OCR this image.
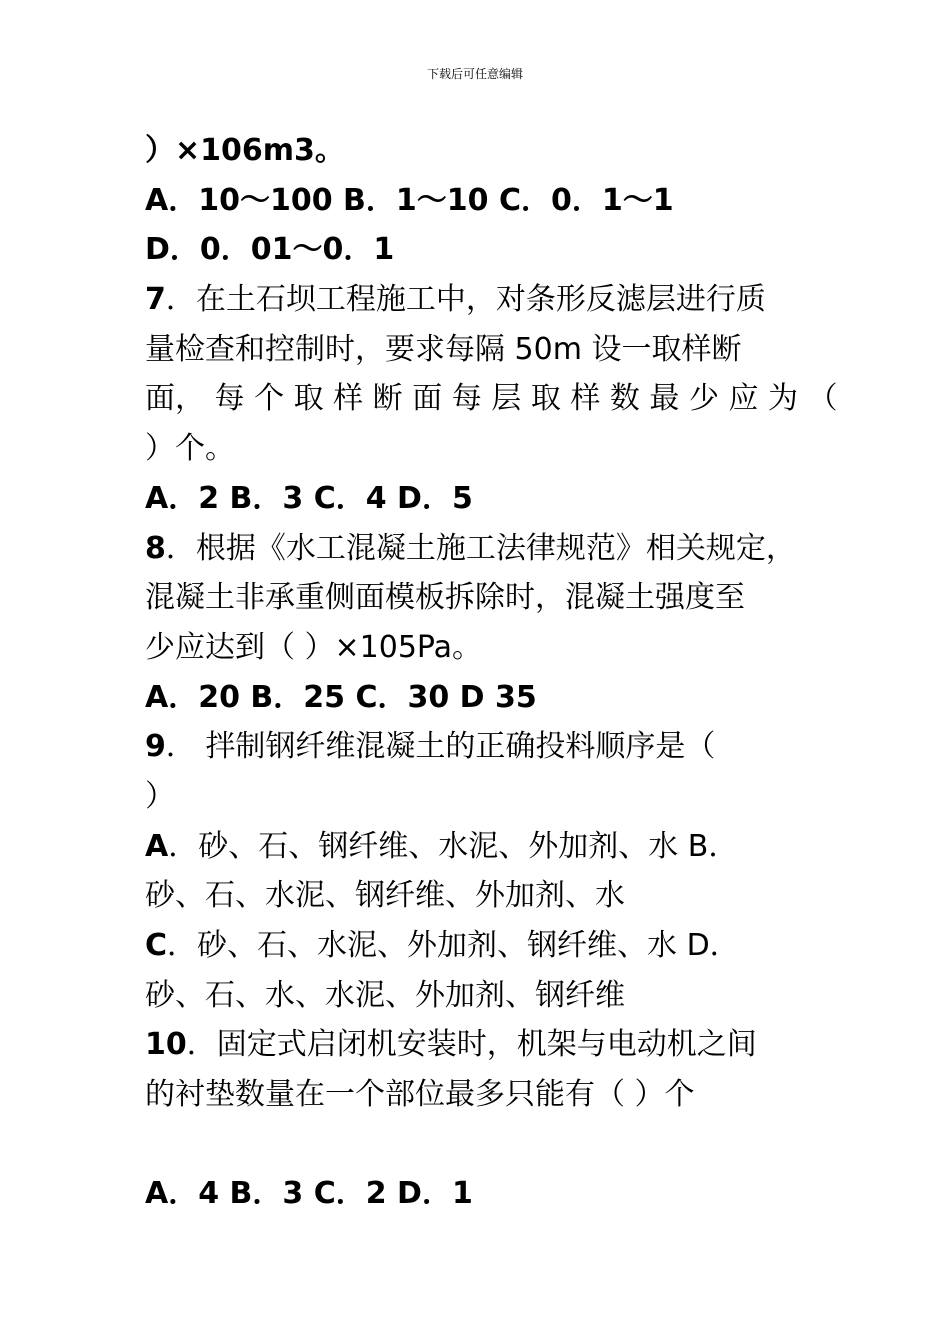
下载后可任意编辑
）×106m3。
A．10～100 B．1～10 C．0．1～1
D．0．01～0．1
7．在土石坝工程施工中，对条形反滤层进行质
量检查和控制时，要求每隔 50m 设一取样断
面， 每 个 取 样 断 面 每 层 取 样 数 最 少 应 为 （
）个。
A．2 B．3 C．4 D．5
8．根据《水工混凝土施工法律规范》相关规定，
混凝土非承重侧面模板拆除时，混凝土强度至
少应达到（ ）×105Pa。
A．20 B．25 C．30 D 35
9． 拌制钢纤维混凝土的正确投料顺序是（
）
A．砂、石、钢纤维、水泥、外加剂、水 B．
砂、石、水泥、钢纤维、外加剂、水
C．砂、石、水泥、外加剂、钢纤维、水 D．
砂、石、水、水泥、外加剂、钢纤维
10．固定式启闭机安装时，机架与电动机之间
的衬垫数量在一个部位最多只能有（ ）个
A．4 B．3 C．2 D．1
